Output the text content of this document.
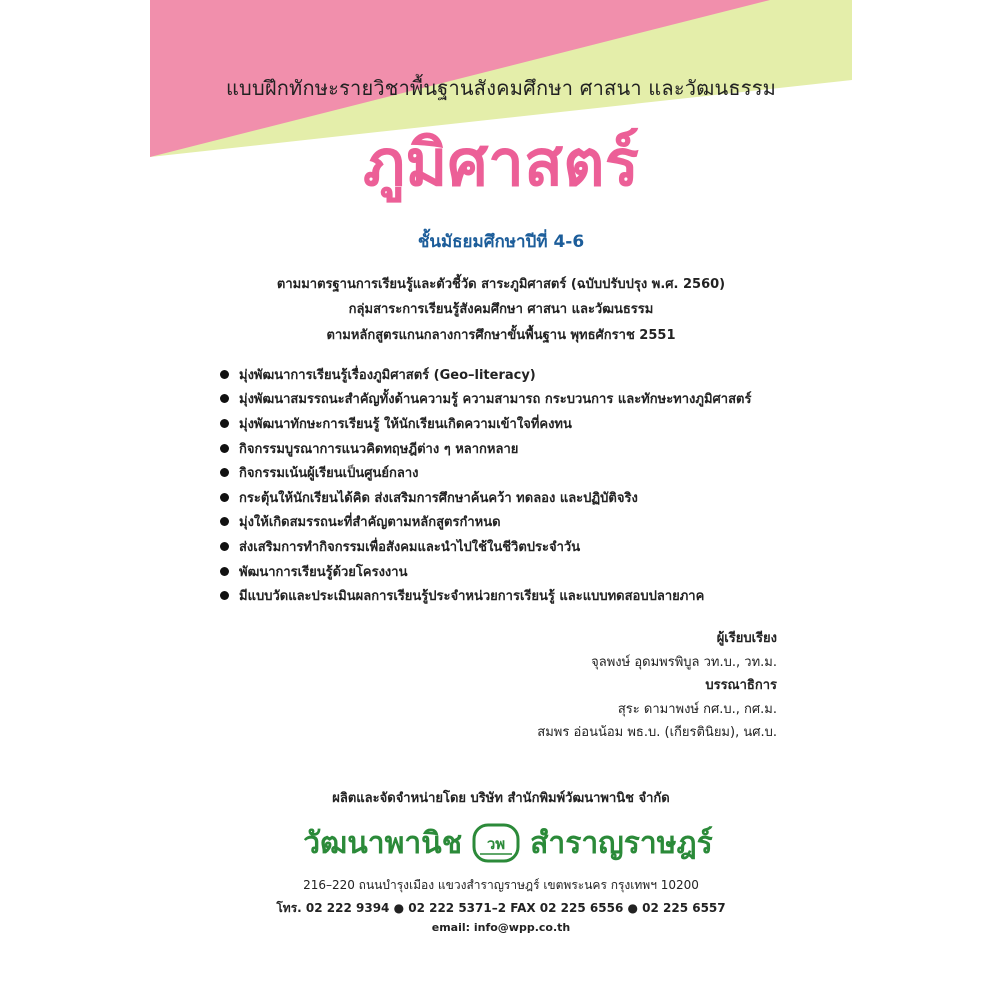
แบบฝึกทักษะรายวิชาพื้นฐานสังคมศึกษา ศาสนา และวัฒนธรรม
ภูมิศาสตร์
ชั้นมัธยมศึกษาปีที่ 4-6
ตามมาตรฐานการเรียนรู้และตัวชี้วัด สาระภูมิศาสตร์ (ฉบับปรับปรุง พ.ศ. 2560)
กลุ่มสาระการเรียนรู้สังคมศึกษา ศาสนา และวัฒนธรรม
ตามหลักสูตรแกนกลางการศึกษาขั้นพื้นฐาน พุทธศักราช 2551
มุ่งพัฒนาการเรียนรู้เรื่องภูมิศาสตร์ (Geo–literacy)
มุ่งพัฒนาสมรรถนะสำคัญทั้งด้านความรู้ ความสามารถ กระบวนการ และทักษะทางภูมิศาสตร์
มุ่งพัฒนาทักษะการเรียนรู้ ให้นักเรียนเกิดความเข้าใจที่คงทน
กิจกรรมบูรณาการแนวคิดทฤษฎีต่าง ๆ หลากหลาย
กิจกรรมเน้นผู้เรียนเป็นศูนย์กลาง
กระตุ้นให้นักเรียนได้คิด ส่งเสริมการศึกษาค้นคว้า ทดลอง และปฏิบัติจริง
มุ่งให้เกิดสมรรถนะที่สำคัญตามหลักสูตรกำหนด
ส่งเสริมการทำกิจกรรมเพื่อสังคมและนำไปใช้ในชีวิตประจำวัน
พัฒนาการเรียนรู้ด้วยโครงงาน
มีแบบวัดและประเมินผลการเรียนรู้ประจำหน่วยการเรียนรู้ และแบบทดสอบปลายภาค
ผู้เรียบเรียง
จุลพงษ์ อุดมพรพิบูล วท.บ., วท.ม.
บรรณาธิการ
สุระ ดามาพงษ์ กศ.บ., กศ.ม.
สมพร อ่อนน้อม พธ.บ. (เกียรตินิยม), นศ.บ.
ผลิตและจัดจำหน่ายโดย บริษัท สำนักพิมพ์วัฒนาพานิช จำกัด
วัฒนาพานิช วพ สำราญราษฎร์
216–220 ถนนบำรุงเมือง แขวงสำราญราษฎร์ เขตพระนคร กรุงเทพฯ 10200
โทร. 02 222 9394 ● 02 222 5371–2 FAX 02 225 6556 ● 02 225 6557
email: info@wpp.co.th
